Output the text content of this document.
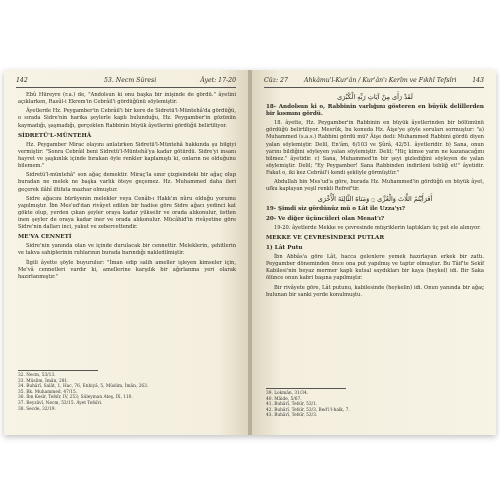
142	53. Necm Sûresi	Âyet: 17-20

Ebû Hüreyre (r.a.) de, "Andolsun ki onu başka bir inişinde de gördü." âyetini açıklarken, Rasûl-i Ekrem'in Cebrâil'i gördüğünü söylemiştir.

Âyetlerde Hz. Peygamber'in Cebrâil'i bir kere de Sidretü'l-Müntehâ'da gördüğü, o sırada Sidre'nin harika şeylerle kaplı bulunduğu, Hz. Peygamber'in gözünün kaymadığı, şaşmadığı, gerçekten Rabbinin büyük âyetlerini gördüğü belirtiliyor.

SİDRETÜ'L-MÜNTEHÂ

Hz. Peygamber Mirac olayını anlatırken Sidretü'l-Müntehâ hakkında şu bilgiyi vermiştir: "Sonra Cebrâil beni Sidretü'l-Müntehâ'ya kadar götürdü. Sidre'yi insanı hayret ve şaşkınlık içinde bırakan öyle renkler kaplamıştı ki, onların ne olduğunu bilemem."

Sidretü'l-müntehâ" son ağaç demektir. Miraç'la sınır çizgisindeki bir ağaç olup buradan ne melek ne başka varlık öteye geçemez. Hz. Muhammed daha ileri geçerek ilâhî iltifata mazhar olmuştur.

Sidre ağacını bürüyenin melekler veya Cenâb-ı Hakk'ın nûru olduğu yorumu yapılmıştır. İbn Mes'ud'dan rivâyet edilen bir hadise göre Sidre ağacı yedinci kat gökte olup, yerden çıkan şeyler oraya kadar yükselir ve orada alıkonulur, üstten inen şeyler de oraya kadar iner ve orada alıkonulur. Mücâhid'in rivâyetine göre Sidre'nin dalları inci, yakut ve zebercettendir.

ME'VA CENNETİ

Sidre'nin yanında olan ve içinde durulacak bir cennettir. Meleklerin, şehitlerin ve takva sahiplerinin ruhlarının burada barındığı nakledilmiştir.

İlgili âyette şöyle buyurulur: "İman edip salih ameller işleyen kimseler için, Me'vâ cennetleri vardır ki, amellerine karşılık bir ağırlanma yeri olarak hazırlanmıştır."

32. Necm, 53/13.
33. Müslim, İmân, 281.
34. Buhârî, Salât, 1, Hac, 76, Enbiyâ, 5, Müslim, İmân, 263.
35. Bk. Muhammed, 47/15.
36. İbn Kesîr, Tefsîr, IV, 253; Süleyman Ateş, IX, 110.
37. Beyzâvî, Necm, 53/15. Âyet Tefsîri.
38. Secde, 32/19.
Cüz: 27	Ahkâmu'l-Kur'ân / Kur'ân'ı Kerîm ve Fıkhî Tefsîri	143
لَقَدْ رَأَى مِنْ آيَاتِ رَبِّهِ الْكُبْرَى
18- Andolsun ki o, Rabbinin varlığını gösteren en büyük delillerden bir kısmını gördü.

18. âyette, Hz. Peygamber'in Rabbinin en büyük âyetlerinden bir bölümünü gördüğü belirtiliyor. Mesrûk, bu konuda Hz. Âişe'ye şöyle soruları sormuştur: "a) Muhammed (s.a.s.) Rabbini gördü mü? Âişe dedi: Muhammed Rabbini gördü diyen yalan söylemiştir. Delil, En'âm, 6/103 ve Şûrâ, 42/51. âyetleridir. b) Sana, onun yarını bildiğini söyleyen yalan söylemiştir. Delil; "Hiç kimse yarın ne kazanacağını bilmez." âyetidir. c) Sana, Muhammed'in bir şeyi gizlediğini söyleyen de yalan söylemiştir. Delil; "Ey Peygamber! Sana Rabbinden indirileni tebliğ et!" âyetidir. Fakat o, iki kez Cebrâil'i kendi şekliyle görmüştür."

Abdullah bin Mes'ud'a göre, burada Hz. Muhammed'in gördüğü en büyük âyet, ufku kaplayan yeşil renkli Refref'tir.

أَفَرَأَيْتُمُ اللَّاتَ وَالْعُزَّى ۝ وَمَنَاةَ الثَّالِثَةَ الْأُخْرَى
19- Şimdi siz gördünüz mü o Lât ile Uzza'yı?
20- Ve diğer üçüncüleri olan Menat'ı?

19-20. âyetlerde Mekke ve çevresinde müşriklerin taptıkları üç put ele alınıyor.

MEKKE VE ÇEVRESİNDEKİ PUTLAR
1) Lât Putu

İbn Abbâs'a göre Lât, hacca gelenlere yemek hazırlayan erkek bir zattı. Peygamber döneminden önce ona put yapılmış ve taptır olmuştur. Bu Tâif'te Sekîf Kabilesi'nin beyaz mermer kaplı kutsal saydıkları bir kaya (heykel) idi. Bir Saka ölünce onun kabri başına yapılmıştır.

Bir rivâyete göre, Lât putunu, kabilesinde (heykelin) idi. Onun yanında bir ağaç bulunan bir sanki yerde konulmuştu.

39. Lokmân, 31/34.
40. Mâide, 5/67.
41. Buhârî, Tefsîr, 53/1.
42. Buhârî, Tefsîr, 53/3, Bed'i'l-halk, 7.
43. Buhârî, Tefsîr, 53/3.
